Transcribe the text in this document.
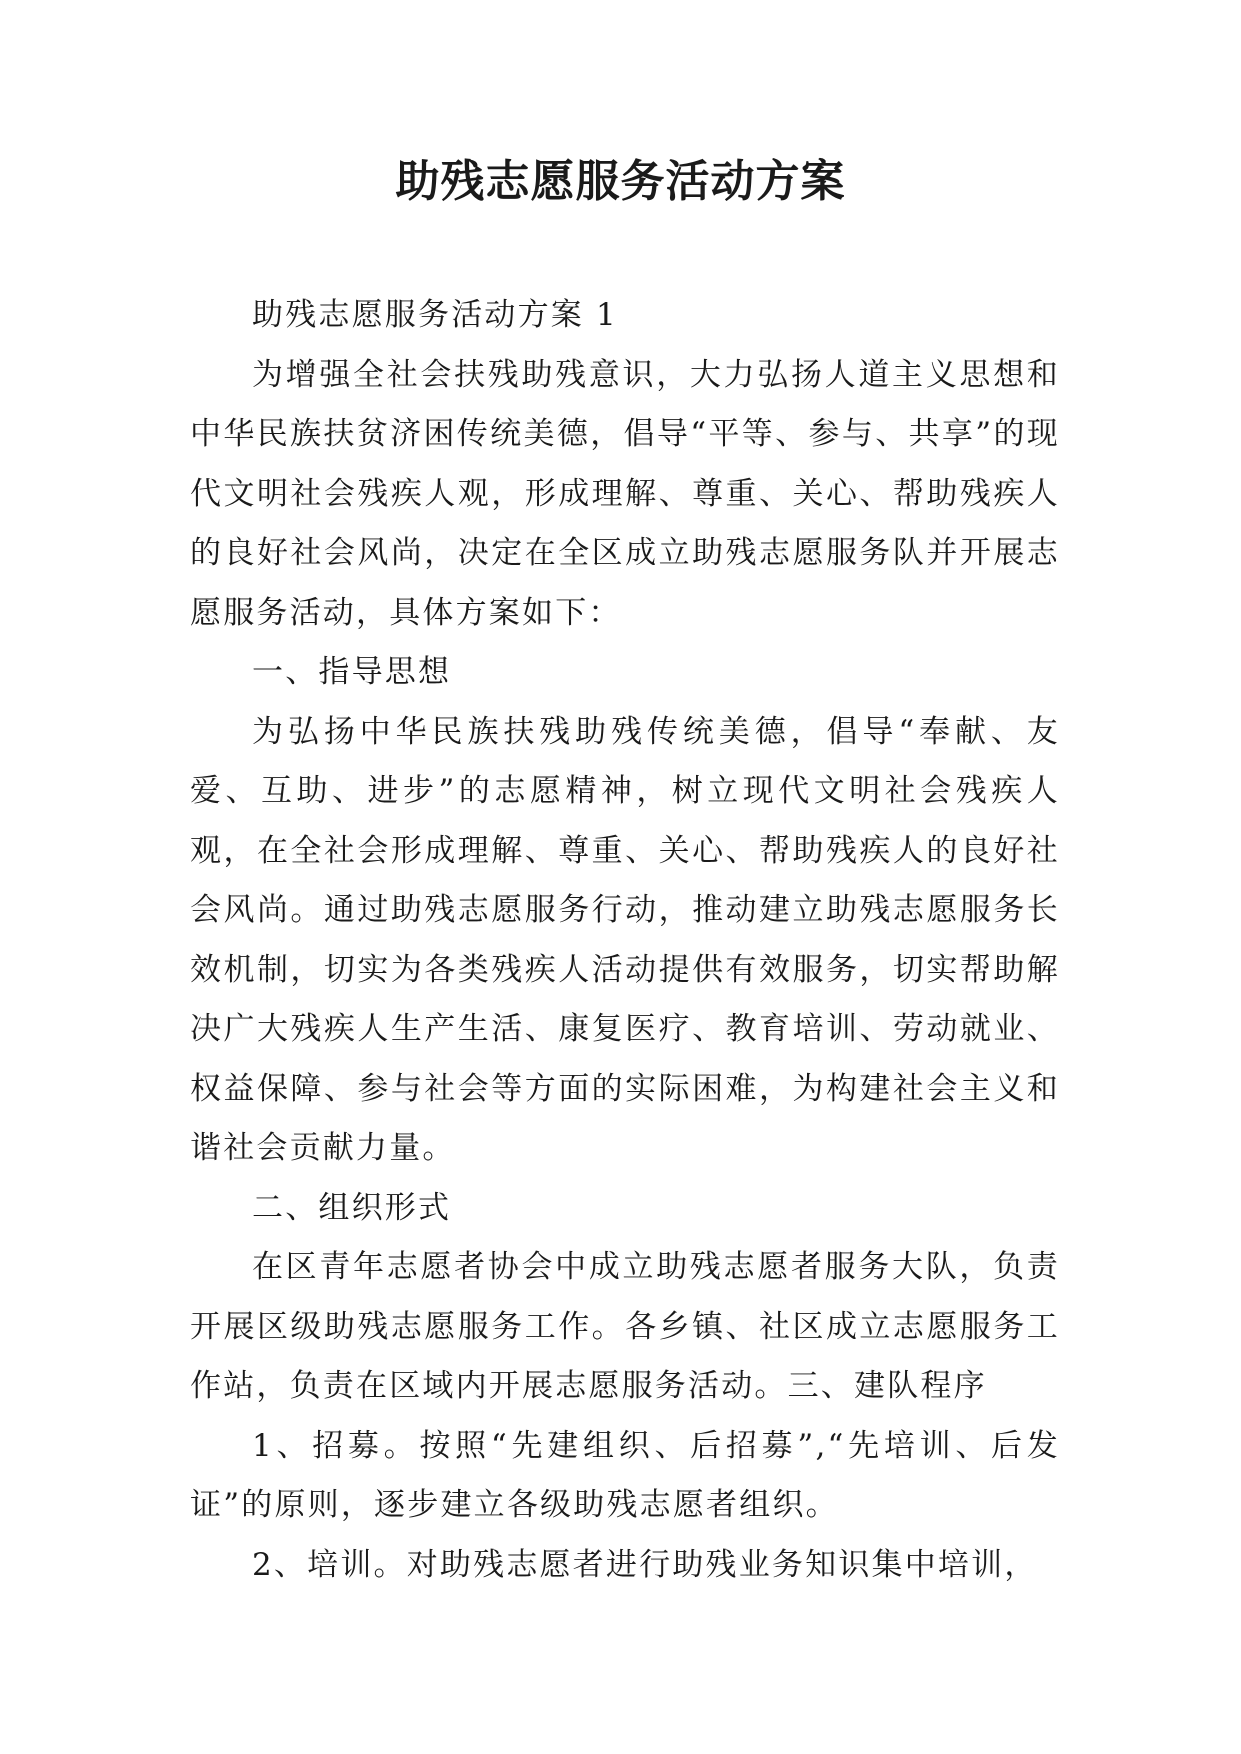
助残志愿服务活动方案

助残志愿服务活动方案 1

为增强全社会扶残助残意识，大力弘扬人道主义思想和中华民族扶贫济困传统美德，倡导“平等、参与、共享”的现代文明社会残疾人观，形成理解、尊重、关心、帮助残疾人的良好社会风尚，决定在全区成立助残志愿服务队并开展志愿服务活动，具体方案如下：

一、指导思想

为弘扬中华民族扶残助残传统美德，倡导“奉献、友爱、互助、进步”的志愿精神，树立现代文明社会残疾人观，在全社会形成理解、尊重、关心、帮助残疾人的良好社会风尚。通过助残志愿服务行动，推动建立助残志愿服务长效机制，切实为各类残疾人活动提供有效服务，切实帮助解决广大残疾人生产生活、康复医疗、教育培训、劳动就业、权益保障、参与社会等方面的实际困难，为构建社会主义和谐社会贡献力量。

二、组织形式

在区青年志愿者协会中成立助残志愿者服务大队，负责开展区级助残志愿服务工作。各乡镇、社区成立志愿服务工作站，负责在区域内开展志愿服务活动。三、建队程序

1、招募。按照“先建组织、后招募”,“先培训、后发证”的原则，逐步建立各级助残志愿者组织。

2、培训。对助残志愿者进行助残业务知识集中培训，
